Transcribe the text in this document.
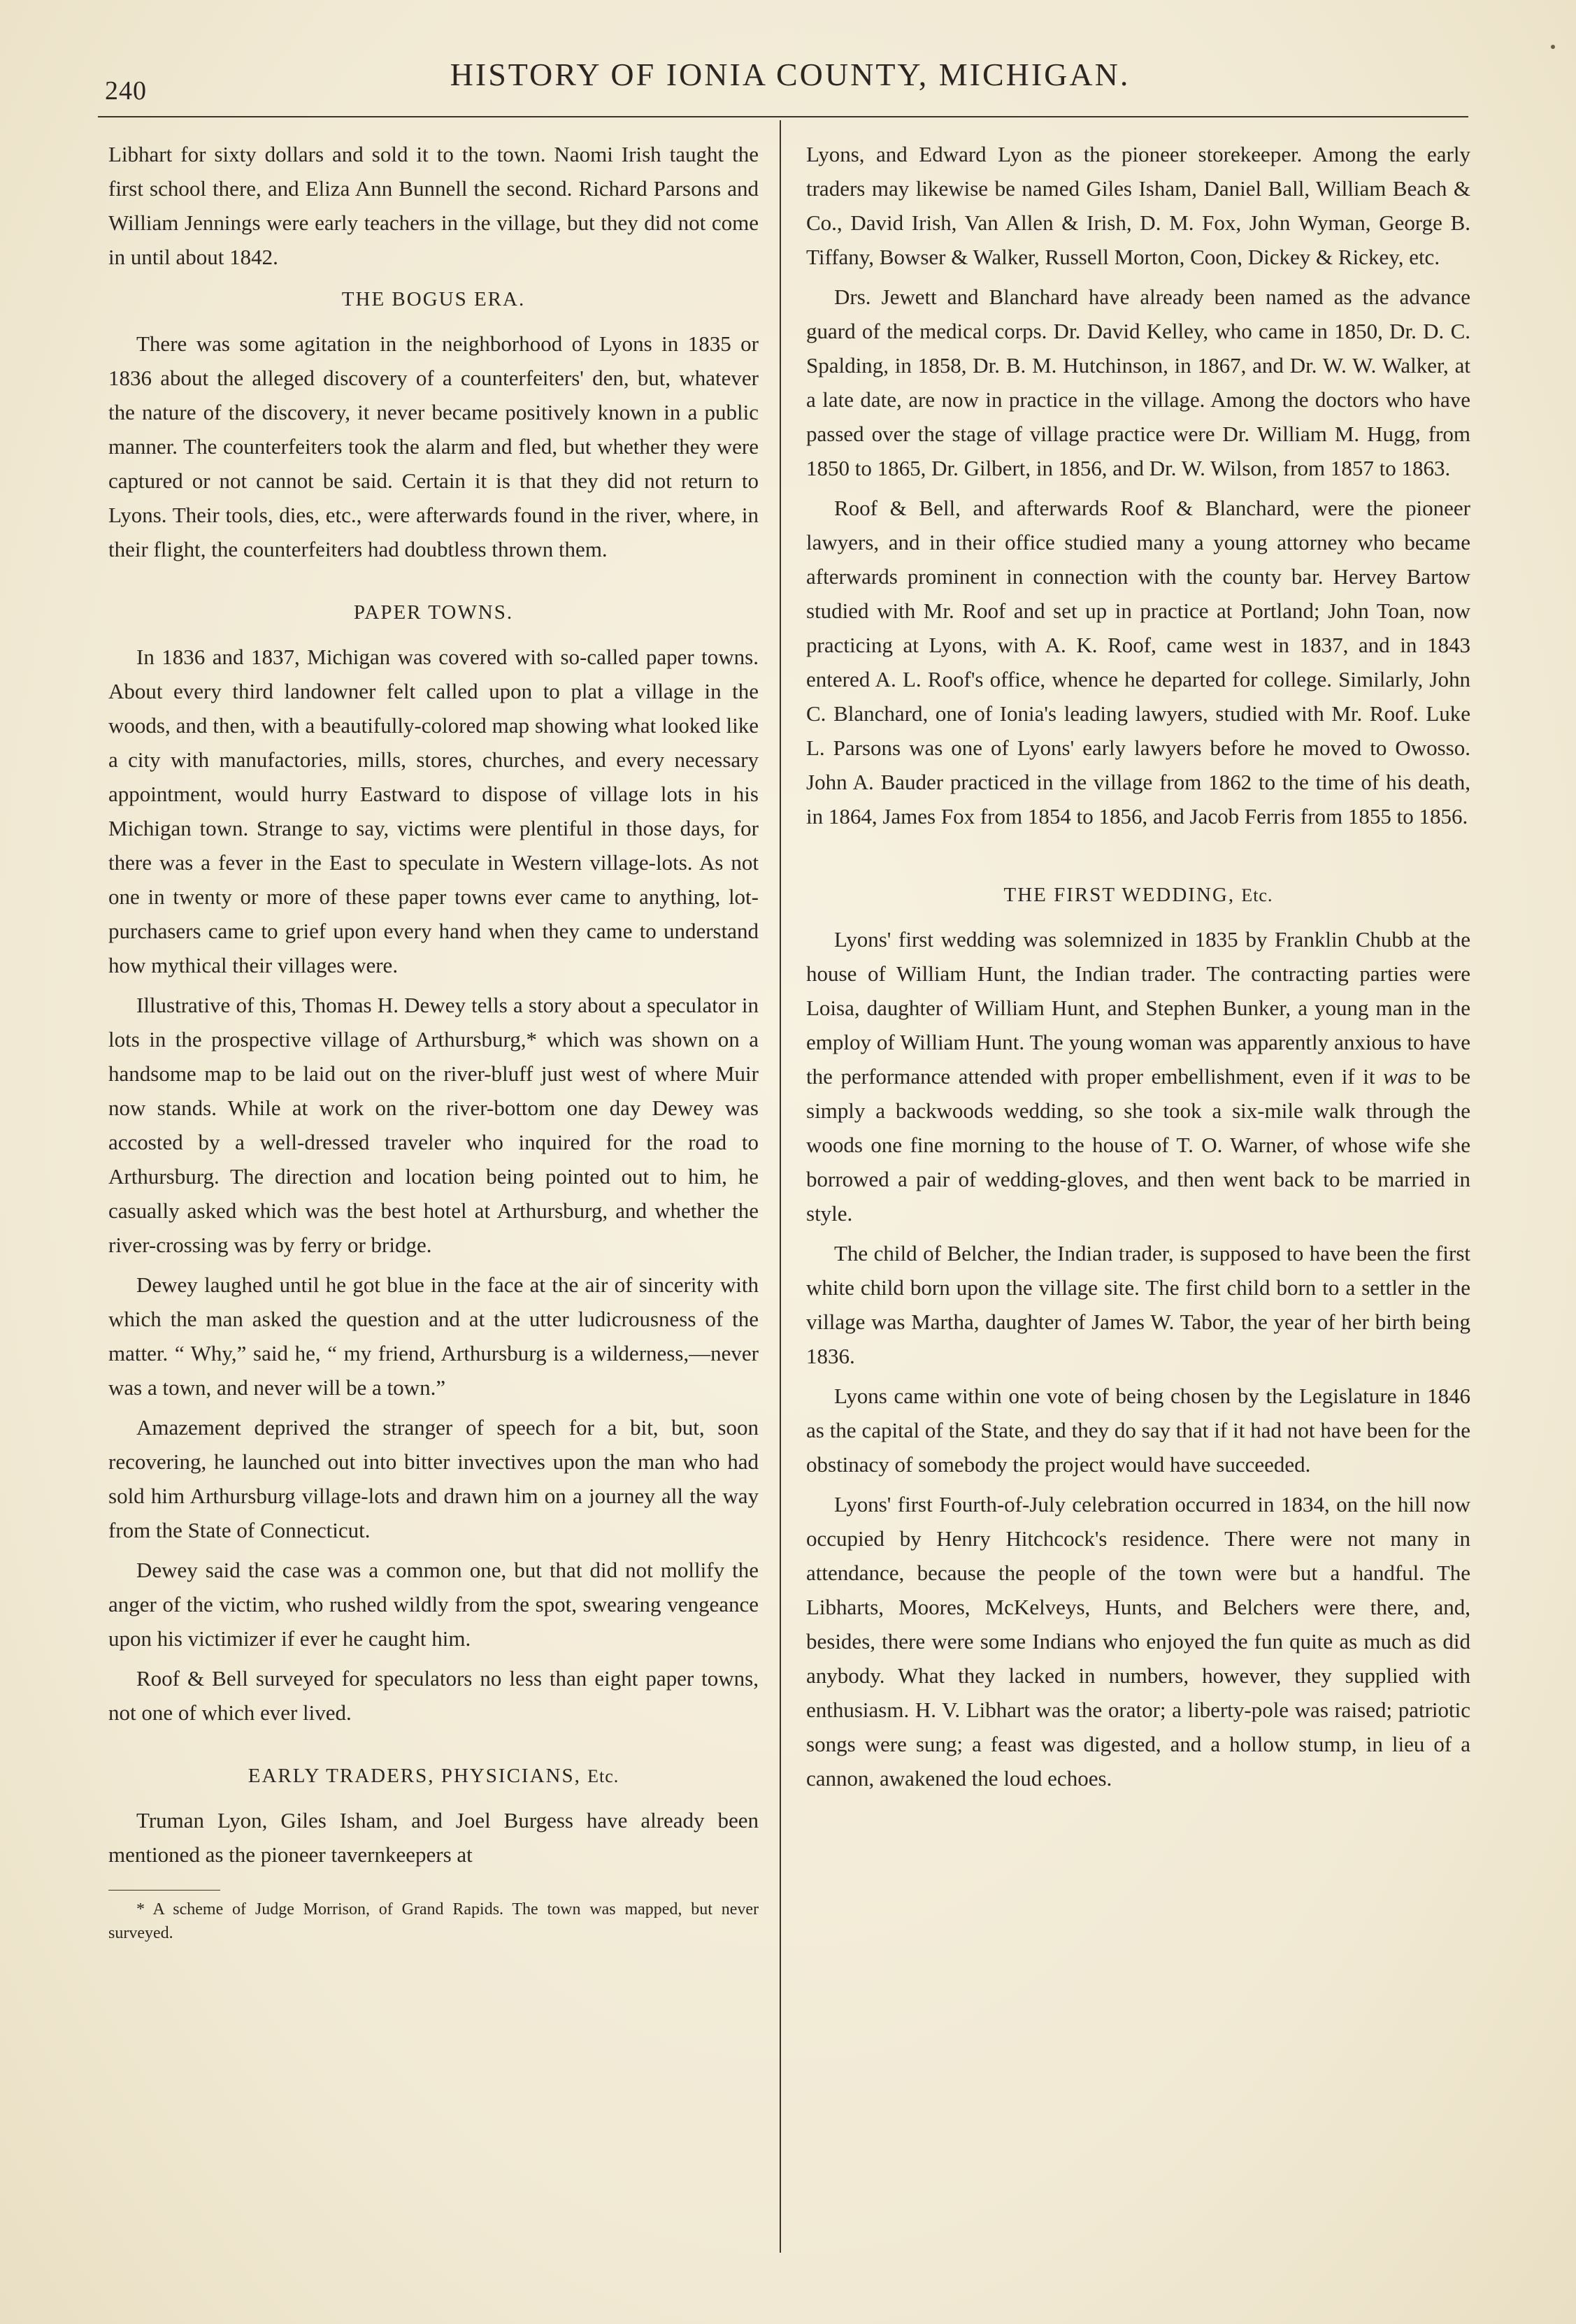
240	HISTORY OF IONIA COUNTY, MICHIGAN.

Libhart for sixty dollars and sold it to the town. Naomi Irish taught the first school there, and Eliza Ann Bunnell the second. Richard Parsons and William Jennings were early teachers in the village, but they did not come in until about 1842.

THE BOGUS ERA.

There was some agitation in the neighborhood of Lyons in 1835 or 1836 about the alleged discovery of a counterfeiters' den, but, whatever the nature of the discovery, it never became positively known in a public manner. The counterfeiters took the alarm and fled, but whether they were captured or not cannot be said. Certain it is that they did not return to Lyons. Their tools, dies, etc., were afterwards found in the river, where, in their flight, the counterfeiters had doubtless thrown them.

PAPER TOWNS.

In 1836 and 1837, Michigan was covered with so-called paper towns. About every third landowner felt called upon to plat a village in the woods, and then, with a beautifully-colored map showing what looked like a city with manufactories, mills, stores, churches, and every necessary appointment, would hurry Eastward to dispose of village lots in his Michigan town. Strange to say, victims were plentiful in those days, for there was a fever in the East to speculate in Western village-lots. As not one in twenty or more of these paper towns ever came to anything, lot-purchasers came to grief upon every hand when they came to understand how mythical their villages were.

Illustrative of this, Thomas H. Dewey tells a story about a speculator in lots in the prospective village of Arthursburg,* which was shown on a handsome map to be laid out on the river-bluff just west of where Muir now stands. While at work on the river-bottom one day Dewey was accosted by a well-dressed traveler who inquired for the road to Arthursburg. The direction and location being pointed out to him, he casually asked which was the best hotel at Arthursburg, and whether the river-crossing was by ferry or bridge.

Dewey laughed until he got blue in the face at the air of sincerity with which the man asked the question and at the utter ludicrousness of the matter. “ Why,” said he, “ my friend, Arthursburg is a wilderness,—never was a town, and never will be a town.”

Amazement deprived the stranger of speech for a bit, but, soon recovering, he launched out into bitter invectives upon the man who had sold him Arthursburg village-lots and drawn him on a journey all the way from the State of Connecticut.

Dewey said the case was a common one, but that did not mollify the anger of the victim, who rushed wildly from the spot, swearing vengeance upon his victimizer if ever he caught him.

Roof & Bell surveyed for speculators no less than eight paper towns, not one of which ever lived.

EARLY TRADERS, PHYSICIANS, Etc.

Truman Lyon, Giles Isham, and Joel Burgess have already been mentioned as the pioneer tavernkeepers at

* A scheme of Judge Morrison, of Grand Rapids. The town was mapped, but never surveyed.

Lyons, and Edward Lyon as the pioneer storekeeper. Among the early traders may likewise be named Giles Isham, Daniel Ball, William Beach & Co., David Irish, Van Allen & Irish, D. M. Fox, John Wyman, George B. Tiffany, Bowser & Walker, Russell Morton, Coon, Dickey & Rickey, etc.

Drs. Jewett and Blanchard have already been named as the advance guard of the medical corps. Dr. David Kelley, who came in 1850, Dr. D. C. Spalding, in 1858, Dr. B. M. Hutchinson, in 1867, and Dr. W. W. Walker, at a late date, are now in practice in the village. Among the doctors who have passed over the stage of village practice were Dr. William M. Hugg, from 1850 to 1865, Dr. Gilbert, in 1856, and Dr. W. Wilson, from 1857 to 1863.

Roof & Bell, and afterwards Roof & Blanchard, were the pioneer lawyers, and in their office studied many a young attorney who became afterwards prominent in connection with the county bar. Hervey Bartow studied with Mr. Roof and set up in practice at Portland; John Toan, now practicing at Lyons, with A. K. Roof, came west in 1837, and in 1843 entered A. L. Roof's office, whence he departed for college. Similarly, John C. Blanchard, one of Ionia's leading lawyers, studied with Mr. Roof. Luke L. Parsons was one of Lyons' early lawyers before he moved to Owosso. John A. Bauder practiced in the village from 1862 to the time of his death, in 1864, James Fox from 1854 to 1856, and Jacob Ferris from 1855 to 1856.

THE FIRST WEDDING, Etc.

Lyons' first wedding was solemnized in 1835 by Franklin Chubb at the house of William Hunt, the Indian trader. The contracting parties were Loisa, daughter of William Hunt, and Stephen Bunker, a young man in the employ of William Hunt. The young woman was apparently anxious to have the performance attended with proper embellishment, even if it was to be simply a backwoods wedding, so she took a six-mile walk through the woods one fine morning to the house of T. O. Warner, of whose wife she borrowed a pair of wedding-gloves, and then went back to be married in style.

The child of Belcher, the Indian trader, is supposed to have been the first white child born upon the village site. The first child born to a settler in the village was Martha, daughter of James W. Tabor, the year of her birth being 1836.

Lyons came within one vote of being chosen by the Legislature in 1846 as the capital of the State, and they do say that if it had not have been for the obstinacy of somebody the project would have succeeded.

Lyons' first Fourth-of-July celebration occurred in 1834, on the hill now occupied by Henry Hitchcock's residence. There were not many in attendance, because the people of the town were but a handful. The Libharts, Moores, McKelveys, Hunts, and Belchers were there, and, besides, there were some Indians who enjoyed the fun quite as much as did anybody. What they lacked in numbers, however, they supplied with enthusiasm. H. V. Libhart was the orator; a liberty-pole was raised; patriotic songs were sung; a feast was digested, and a hollow stump, in lieu of a cannon, awakened the loud echoes.
